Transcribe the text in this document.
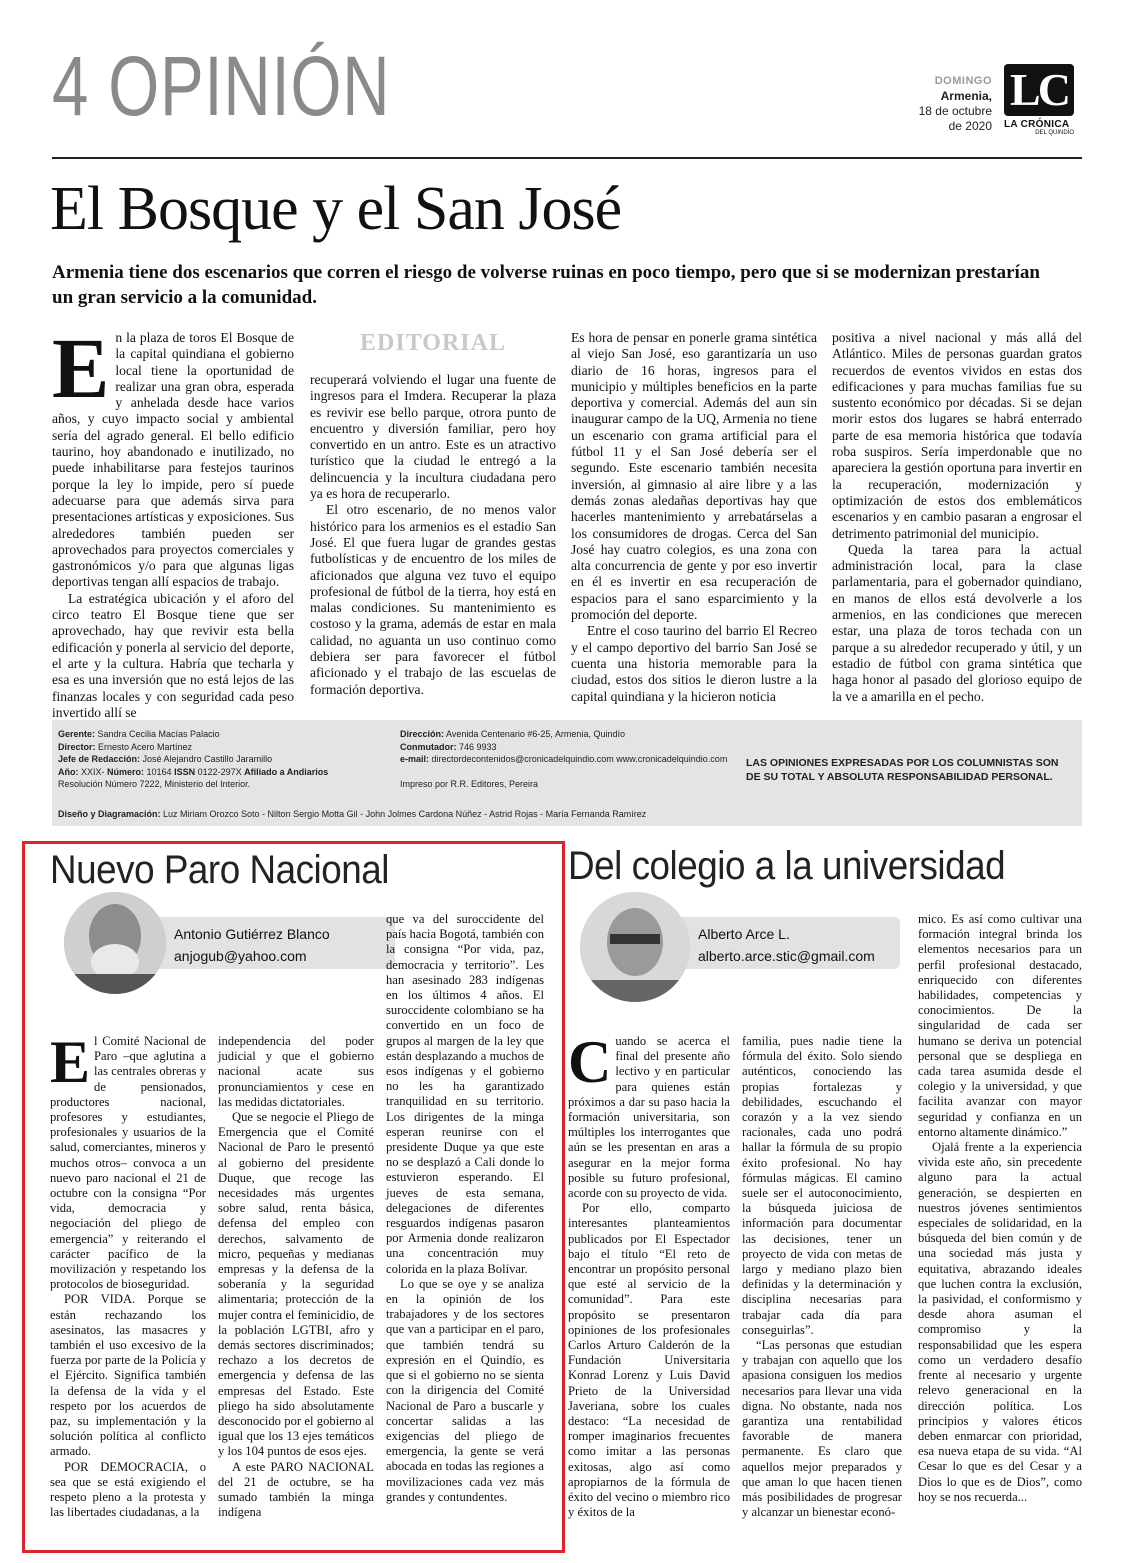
4 OPINIÓN	DOMINGO
Armenia,
18 de octubre
de 2020
LC
LA CRÓNICA
DEL QUINDÍO
El Bosque y el San José
Armenia tiene dos escenarios que corren el riesgo de volverse ruinas en poco tiempo, pero que si se modernizan prestarían un gran servicio a la comunidad.
EDITORIAL

En la plaza de toros El Bosque de la capital quindiana el gobierno local tiene la oportunidad de realizar una gran obra, esperada y anhelada desde hace varios años, y cuyo impacto social y ambiental sería del agrado general. El bello edificio taurino, hoy abandonado e inutilizado, no puede inhabilitarse para festejos taurinos porque la ley lo impide, pero sí puede adecuarse para que además sirva para presentaciones artísticas y exposiciones. Sus alrededores también pueden ser aprovechados para proyectos comerciales y gastronómicos y/o para que algunas ligas deportivas tengan allí espacios de trabajo.

La estratégica ubicación y el aforo del circo teatro El Bosque tiene que ser aprovechado, hay que revivir esta bella edificación y ponerla al servicio del deporte, el arte y la cultura. Habría que techarla y esa es una inversión que no está lejos de las finanzas locales y con seguridad cada peso invertido allí se

recuperará volviendo el lugar una fuente de ingresos para el Imdera. Recuperar la plaza es revivir ese bello parque, otrora punto de encuentro y diversión familiar, pero hoy convertido en un antro. Este es un atractivo turístico que la ciudad le entregó a la delincuencia y la incultura ciudadana pero ya es hora de recuperarlo.

El otro escenario, de no menos valor histórico para los armenios es el estadio San José. El que fuera lugar de grandes gestas futbolísticas y de encuentro de los miles de aficionados que alguna vez tuvo el equipo profesional de fútbol de la tierra, hoy está en malas condiciones. Su mantenimiento es costoso y la grama, además de estar en mala calidad, no aguanta un uso continuo como debiera ser para favorecer el fútbol aficionado y el trabajo de las escuelas de formación deportiva.

Es hora de pensar en ponerle grama sintética al viejo San José, eso garantizaría un uso diario de 16 horas, ingresos para el municipio y múltiples beneficios en la parte deportiva y comercial. Además del aun sin inaugurar campo de la UQ, Armenia no tiene un escenario con grama artificial para el fútbol 11 y el San José debería ser el segundo. Este escenario también necesita inversión, al gimnasio al aire libre y a las demás zonas aledañas deportivas hay que hacerles mantenimiento y arrebatárselas a los consumidores de drogas. Cerca del San José hay cuatro colegios, es una zona con alta concurrencia de gente y por eso invertir en él es invertir en esa recuperación de espacios para el sano esparcimiento y la promoción del deporte.

Entre el coso taurino del barrio El Recreo y el campo deportivo del barrio San José se cuenta una historia memorable para la ciudad, estos dos sitios le dieron lustre a la capital quindiana y la hicieron noticia

positiva a nivel nacional y más allá del Atlántico. Miles de personas guardan gratos recuerdos de eventos vividos en estas dos edificaciones y para muchas familias fue su sustento económico por décadas. Si se dejan morir estos dos lugares se habrá enterrado parte de esa memoria histórica que todavía roba suspiros. Sería imperdonable que no apareciera la gestión oportuna para invertir en la recuperación, modernización y optimización de estos dos emblemáticos escenarios y en cambio pasaran a engrosar el detrimento patrimonial del municipio.

Queda la tarea para la actual administración local, para la clase parlamentaria, para el gobernador quindiano, en manos de ellos está devolverle a los armenios, en las condiciones que merecen estar, una plaza de toros techada con un parque a su alrededor recuperado y útil, y un estadio de fútbol con grama sintética que haga honor al pasado del glorioso equipo de la ve a amarilla en el pecho.

Gerente: Sandra Cecilia Macías Palacio
Director: Ernesto Acero Martínez
Jefe de Redacción: José Alejandro Castillo Jaramillo
Año: XXIX- Número: 10164 ISSN 0122-297X Afiliado a Andiarios
Resolución Número 7222, Ministerio del Interior.
Dirección: Avenida Centenario #6-25, Armenia, Quindío
Conmutador: 746 9933
e-mail: directordecontenidos@cronicadelquindio.com www.cronicadelquindio.com

Impreso por R.R. Editores, Pereira
LAS OPINIONES EXPRESADAS POR LOS COLUMNISTAS SON DE SU TOTAL Y ABSOLUTA RESPONSABILIDAD PERSONAL.
Diseño y Diagramación: Luz Miriam Orozco Soto - Nilton Sergio Motta Gil - John Jolmes Cardona Núñez - Astrid Rojas - María Fernanda Ramírez
Nuevo Paro Nacional
Antonio Gutiérrez Blanco
anjogub@yahoo.com

El Comité Nacional de Paro –que aglutina a las centrales obreras y de pensionados, productores nacional, profesores y estudiantes, profesionales y usuarios de la salud, comerciantes, mineros y muchos otros– convoca a un nuevo paro nacional el 21 de octubre con la consigna “Por vida, democracia y negociación del pliego de emergencia” y reiterando el carácter pacífico de la movilización y respetando los protocolos de bioseguridad.

POR VIDA. Porque se están rechazando los asesinatos, las masacres y también el uso excesivo de la fuerza por parte de la Policía y el Ejército. Significa también la defensa de la vida y el respeto por los acuerdos de paz, su implementación y la solución política al conflicto armado.

POR DEMOCRACIA, o sea que se está exigiendo el respeto pleno a la protesta y las libertades ciudadanas, a la

independencia del poder judicial y que el gobierno nacional acate sus pronunciamientos y cese en las medidas dictatoriales.

Que se negocie el Pliego de Emergencia que el Comité Nacional de Paro le presentó al gobierno del presidente Duque, que recoge las necesidades más urgentes sobre salud, renta básica, defensa del empleo con derechos, salvamento de micro, pequeñas y medianas empresas y la defensa de la soberanía y la seguridad alimentaria; protección de la mujer contra el feminicidio, de la población LGTBI, afro y demás sectores discriminados; rechazo a los decretos de emergencia y defensa de las empresas del Estado. Este pliego ha sido absolutamente desconocido por el gobierno al igual que los 13 ejes temáticos y los 104 puntos de esos ejes.

A este PARO NACIONAL del 21 de octubre, se ha sumado también la minga indígena

que va del suroccidente del país hacia Bogotá, también con la consigna “Por vida, paz, democracia y territorio”. Les han asesinado 283 indígenas en los últimos 4 años. El suroccidente colombiano se ha convertido en un foco de grupos al margen de la ley que están desplazando a muchos de esos indígenas y el gobierno no les ha garantizado tranquilidad en su territorio. Los dirigentes de la minga esperan reunirse con el presidente Duque ya que este no se desplazó a Cali donde lo estuvieron esperando. El jueves de esta semana, delegaciones de diferentes resguardos indígenas pasaron por Armenia donde realizaron una concentración muy colorida en la plaza Bolívar.

Lo que se oye y se analiza en la opinión de los trabajadores y de los sectores que van a participar en el paro, que también tendrá su expresión en el Quindío, es que si el gobierno no se sienta con la dirigencia del Comité Nacional de Paro a buscarle y concertar salidas a las exigencias del pliego de emergencia, la gente se verá abocada en todas las regiones a movilizaciones cada vez más grandes y contundentes.

Del colegio a la universidad
Alberto Arce L.
alberto.arce.stic@gmail.com

Cuando se acerca el final del presente año lectivo y en particular para quienes están próximos a dar su paso hacia la formación universitaria, son múltiples los interrogantes que aún se les presentan en aras a asegurar en la mejor forma posible su futuro profesional, acorde con su proyecto de vida.

Por ello, comparto interesantes planteamientos publicados por El Espectador bajo el título “El reto de encontrar un propósito personal que esté al servicio de la comunidad”. Para este propósito se presentaron opiniones de los profesionales Carlos Arturo Calderón de la Fundación Universitaria Konrad Lorenz y Luis David Prieto de la Universidad Javeriana, sobre los cuales destaco: “La necesidad de romper imaginarios frecuentes como imitar a las personas exitosas, algo así como apropiarnos de la fórmula de éxito del vecino o miembro rico y éxitos de la

familia, pues nadie tiene la fórmula del éxito. Solo siendo auténticos, conociendo las propias fortalezas y debilidades, escuchando el corazón y a la vez siendo racionales, cada uno podrá hallar la fórmula de su propio éxito profesional. No hay fórmulas mágicas. El camino suele ser el autoconocimiento, la búsqueda juiciosa de información para documentar las decisiones, tener un proyecto de vida con metas de largo y mediano plazo bien definidas y la determinación y disciplina necesarias para trabajar cada día para conseguirlas”.

“Las personas que estudian y trabajan con aquello que los apasiona consiguen los medios necesarios para llevar una vida digna. No obstante, nada nos garantiza una rentabilidad favorable de manera permanente. Es claro que aquellos mejor preparados y que aman lo que hacen tienen más posibilidades de progresar y alcanzar un bienestar econó-

mico. Es así como cultivar una formación integral brinda los elementos necesarios para un perfil profesional destacado, enriquecido con diferentes habilidades, competencias y conocimientos. De la singularidad de cada ser humano se deriva un potencial personal que se despliega en cada tarea asumida desde el colegio y la universidad, y que facilita avanzar con mayor seguridad y confianza en un entorno altamente dinámico.”

Ojalá frente a la experiencia vivida este año, sin precedente alguno para la actual generación, se despierten en nuestros jóvenes sentimientos especiales de solidaridad, en la búsqueda del bien común y de una sociedad más justa y equitativa, abrazando ideales que luchen contra la exclusión, la pasividad, el conformismo y desde ahora asuman el compromiso y la responsabilidad que les espera como un verdadero desafío frente al necesario y urgente relevo generacional en la dirección política. Los principios y valores éticos deben enmarcar con prioridad, esa nueva etapa de su vida. “Al Cesar lo que es del Cesar y a Dios lo que es de Dios”, como hoy se nos recuerda...
